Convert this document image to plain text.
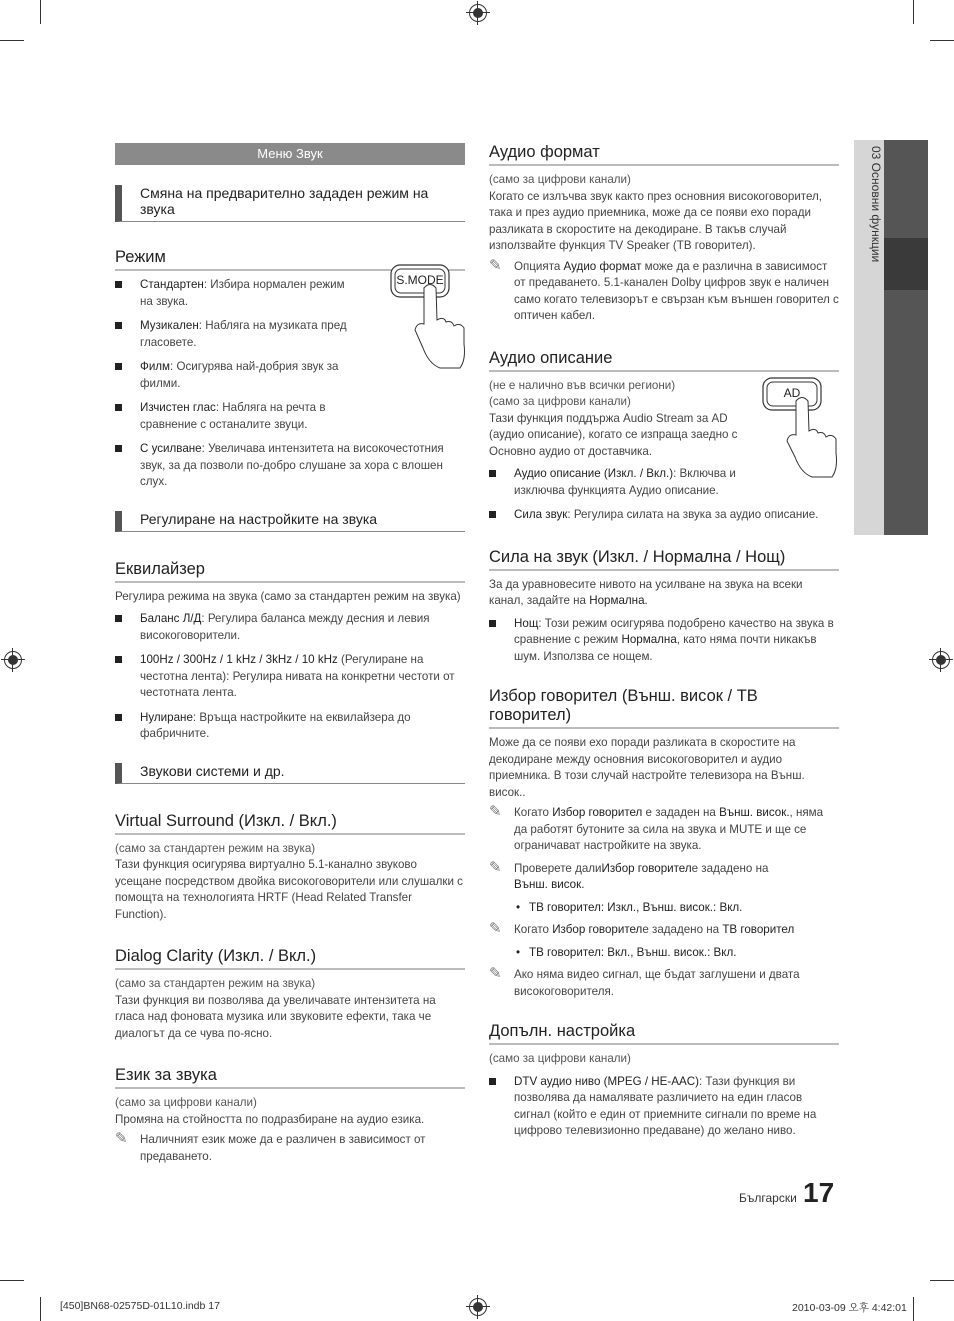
03 Основни функции
Меню Звук
Смяна на предварително зададен режим на звука
Режим
Стандартен: Избира нормален режим на звука.
Музикален: Набляга на музиката пред гласовете.
Филм: Осигурява най-добрия звук за филми.
Изчистен глас: Набляга на речта в сравнение с останалите звуци.
С усилване: Увеличава интензитета на високочестотния звук, за да позволи по-добро слушане за хора с влошен слух.
S.MODE
Регулиране на настройките на звука
Еквилайзер
Регулира режима на звука (само за стандартен режим на звука)
Баланс Л/Д: Регулира баланса между десния и левия високоговорители.
100Hz / 300Hz / 1 kHz / 3kHz / 10 kHz (Регулиране на честотна лента): Регулира нивата на конкретни честоти от честотната лента.
Нулиране: Връща настройките на еквилайзера до фабричните.
Звукови системи и др.
Virtual Surround (Изкл. / Вкл.)
(само за стандартен режим на звука)
Тази функция осигурява виртуално 5.1-канално звуково усещане посредством двойка високоговорители или слушалки с помощта на технологията HRTF (Head Related Transfer Function).
Dialog Clarity (Изкл. / Вкл.)
(само за стандартен режим на звука)
Тази функция ви позволява да увеличавате интензитета на гласа над фоновата музика или звуковите ефекти, така че диалогът да се чува по-ясно.
Език за звука
(само за цифрови канали)
Промяна на стойността по подразбиране на аудио езика.
✎ Наличният език може да е различен в зависимост от предаването.
Аудио формат
(само за цифрови канали)
Когато се излъчва звук както през основния високоговорител, така и през аудио приемника, може да се появи ехо поради разликата в скоростите на декодиране. В такъв случай използвайте функция TV Speaker (ТВ говорител).
✎ Опцията Аудио формат може да е различна в зависимост от предаването. 5.1-канален Dolby цифров звук е наличен само когато телевизорът е свързан към външен говорител с оптичен кабел.
Аудио описание
(не е налично във всички региони)
(само за цифрови канали)
Тази функция поддържа Audio Stream за AD (аудио описание), когато се изпраща заедно с Основно аудио от доставчика.
Аудио описание (Изкл. / Вкл.): Включва и изключва функцията Аудио описание.
Сила звук: Регулира силата на звука за аудио описание.
AD
Сила на звук (Изкл. / Нормална / Нощ)
За да уравновесите нивото на усилване на звука на всеки канал, задайте на Нормална.
Нощ: Този режим осигурява подобрено качество на звука в сравнение с режим Нормална, като няма почти никакъв шум. Използва се нощем.
Избор говорител (Външ. висок / ТВ говорител)
Може да се появи ехо поради разликата в скоростите на декодиране между основния високоговорител и аудио приемника. В този случай настройте телевизора на Външ. висок..
✎ Когато Избор говорител е зададен на Външ. висок., няма да работят бутоните за сила на звука и MUTE и ще се ограничават настройките на звука.
✎ Проверете далиИзбор говорителе зададено на
Външ. висок.
• ТВ говорител: Изкл., Външ. висок.: Вкл.
✎ Когато Избор говорителе зададено на ТВ говорител
• ТВ говорител: Вкл., Външ. висок.: Вкл.
✎ Ако няма видео сигнал, ще бъдат заглушени и двата високоговорителя.
Допълн. настройка
(само за цифрови канали)
DTV аудио ниво (MPEG / HE-AAC): Тази функция ви позволява да намалявате различието на един гласов сигнал (който е един от приемните сигнали по време на цифрово телевизионно предаване) до желано ниво.
Български 17
[450]BN68-02575D-01L10.indb 17	2010-03-09 오후 4:42:01
